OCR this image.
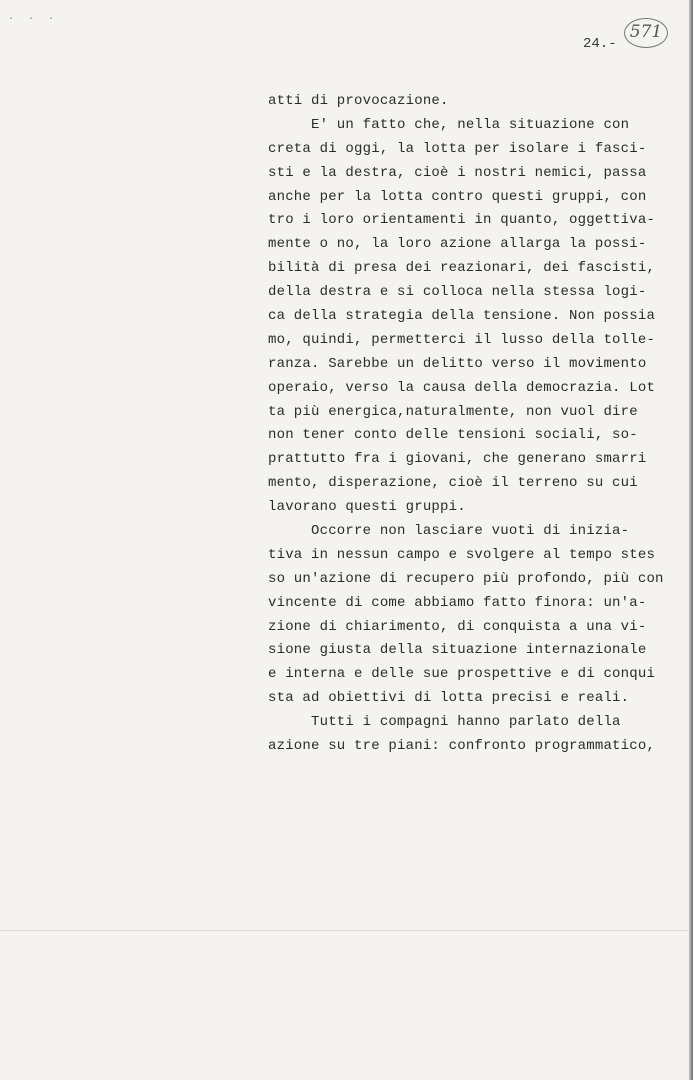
· · ·
24.-
571
atti di provocazione.
E' un fatto che, nella situazione con
creta di oggi, la lotta per isolare i fasci-
sti e la destra, cioè i nostri nemici, passa
anche per la lotta contro questi gruppi, con
tro i loro orientamenti in quanto, oggettiva-
mente o no, la loro azione allarga la possi-
bilità di presa dei reazionari, dei fascisti,
della destra e si colloca nella stessa logi-
ca della strategia della tensione. Non possia
mo, quindi, permetterci il lusso della tolle-
ranza. Sarebbe un delitto verso il movimento
operaio, verso la causa della democrazia. Lot
ta più energica,naturalmente, non vuol dire
non tener conto delle tensioni sociali, so-
prattutto fra i giovani, che generano smarri
mento, disperazione, cioè il terreno su cui
lavorano questi gruppi.
Occorre non lasciare vuoti di inizia-
tiva in nessun campo e svolgere al tempo stes
so un'azione di recupero più profondo, più con
vincente di come abbiamo fatto finora: un'a-
zione di chiarimento, di conquista a una vi-
sione giusta della situazione internazionale
e interna e delle sue prospettive e di conqui
sta ad obiettivi di lotta precisi e reali.
Tutti i compagni hanno parlato della
azione su tre piani: confronto programmatico,
